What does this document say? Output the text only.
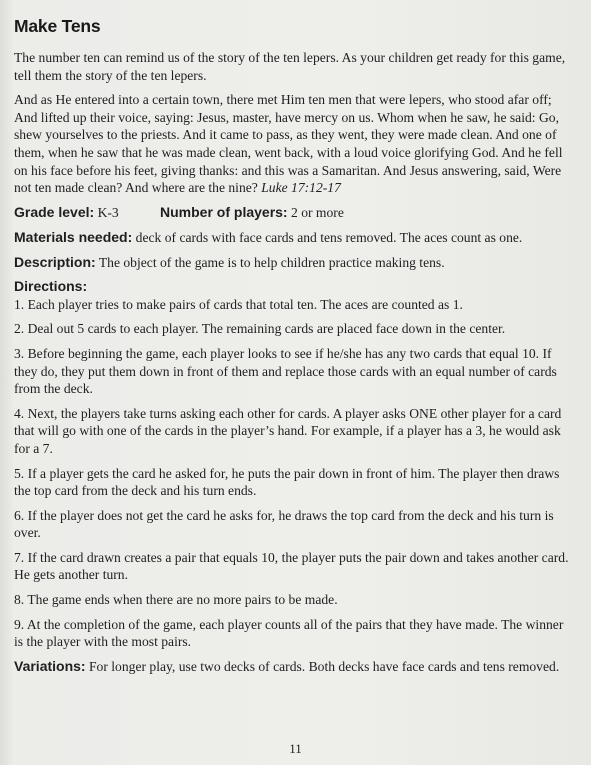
Make Tens

The number ten can remind us of the story of the ten lepers. As your children get ready for this game, tell them the story of the ten lepers.

And as He entered into a certain town, there met Him ten men that were lepers, who stood afar off; And lifted up their voice, saying: Jesus, master, have mercy on us. Whom when he saw, he said: Go, shew yourselves to the priests. And it came to pass, as they went, they were made clean. And one of them, when he saw that he was made clean, went back, with a loud voice glorifying God. And he fell on his face before his feet, giving thanks: and this was a Samaritan. And Jesus answering, said, Were not ten made clean? And where are the nine? Luke 17:12-17

Grade level: K-3	Number of players: 2 or more
Materials needed: deck of cards with face cards and tens removed. The aces count as one.
Description: The object of the game is to help children practice making tens.
Directions:
1. Each player tries to make pairs of cards that total ten. The aces are counted as 1.
2. Deal out 5 cards to each player. The remaining cards are placed face down in the center.
3. Before beginning the game, each player looks to see if he/she has any two cards that equal 10. If they do, they put them down in front of them and replace those cards with an equal number of cards from the deck.
4. Next, the players take turns asking each other for cards. A player asks ONE other player for a card that will go with one of the cards in the player’s hand. For example, if a player has a 3, he would ask for a 7.
5. If a player gets the card he asked for, he puts the pair down in front of him. The player then draws the top card from the deck and his turn ends.
6. If the player does not get the card he asks for, he draws the top card from the deck and his turn is over.
7. If the card drawn creates a pair that equals 10, the player puts the pair down and takes another card. He gets another turn.
8. The game ends when there are no more pairs to be made.
9. At the completion of the game, each player counts all of the pairs that they have made. The winner is the player with the most pairs.

Variations: For longer play, use two decks of cards. Both decks have face cards and tens removed.

11
